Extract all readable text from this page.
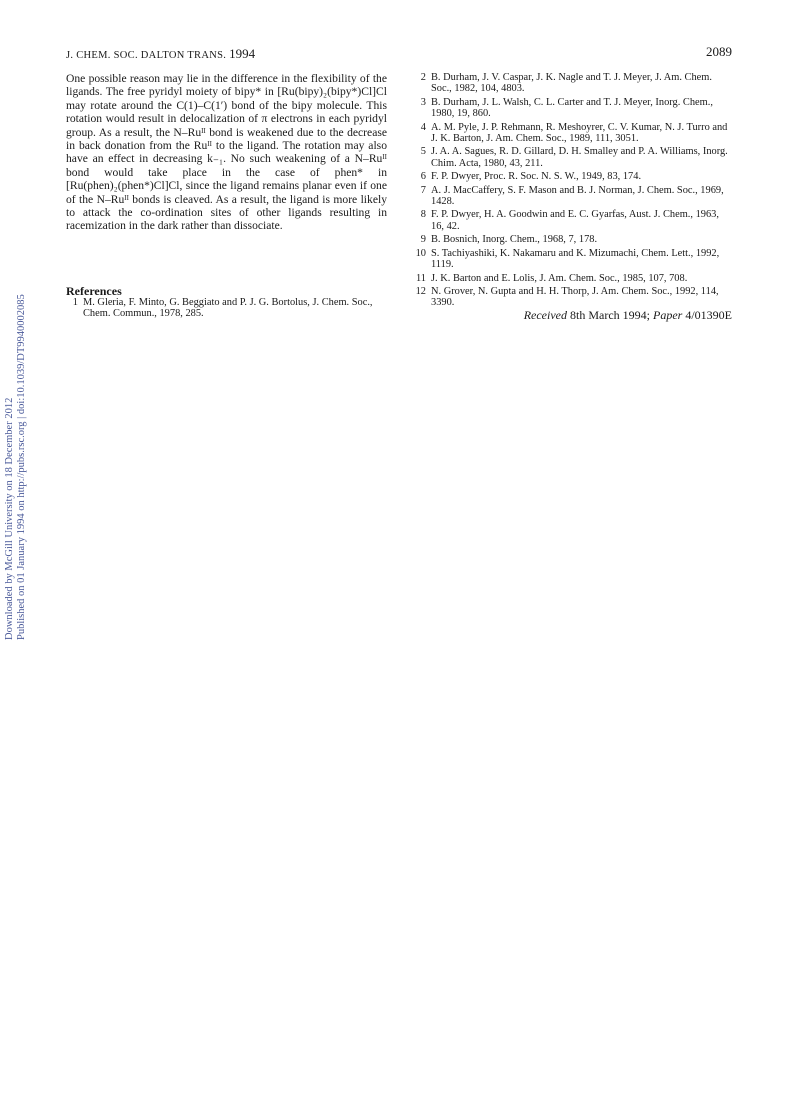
J. CHEM. SOC. DALTON TRANS. 1994	2089

One possible reason may lie in the difference in the flexibility of the ligands. The free pyridyl moiety of bipy* in [Ru(bipy)₂(bipy*)Cl]Cl may rotate around the C(1)–C(1′) bond of the bipy molecule. This rotation would result in delocalization of π electrons in each pyridyl group. As a result, the N–Ruᴵᴵ bond is weakened due to the decrease in back donation from the Ruᴵᴵ to the ligand. The rotation may also have an effect in decreasing k₋₁. No such weakening of a N–Ruᴵᴵ bond would take place in the case of phen* in [Ru(phen)₂(phen*)Cl]Cl, since the ligand remains planar even if one of the N–Ruᴵᴵ bonds is cleaved. As a result, the ligand is more likely to attack the co-ordination sites of other ligands resulting in racemization in the dark rather than dissociate.

References
1 M. Gleria, F. Minto, G. Beggiato and P. J. G. Bortolus, J. Chem. Soc., Chem. Commun., 1978, 285.
2 B. Durham, J. V. Caspar, J. K. Nagle and T. J. Meyer, J. Am. Chem. Soc., 1982, 104, 4803.
3 B. Durham, J. L. Walsh, C. L. Carter and T. J. Meyer, Inorg. Chem., 1980, 19, 860.
4 A. M. Pyle, J. P. Rehmann, R. Meshoyrer, C. V. Kumar, N. J. Turro and J. K. Barton, J. Am. Chem. Soc., 1989, 111, 3051.
5 J. A. A. Sagues, R. D. Gillard, D. H. Smalley and P. A. Williams, Inorg. Chim. Acta, 1980, 43, 211.
6 F. P. Dwyer, Proc. R. Soc. N. S. W., 1949, 83, 174.
7 A. J. MacCaffery, S. F. Mason and B. J. Norman, J. Chem. Soc., 1969, 1428.
8 F. P. Dwyer, H. A. Goodwin and E. C. Gyarfas, Aust. J. Chem., 1963, 16, 42.
9 B. Bosnich, Inorg. Chem., 1968, 7, 178.
10 S. Tachiyashiki, K. Nakamaru and K. Mizumachi, Chem. Lett., 1992, 1119.
11 J. K. Barton and E. Lolis, J. Am. Chem. Soc., 1985, 107, 708.
12 N. Grover, N. Gupta and H. H. Thorp, J. Am. Chem. Soc., 1992, 114, 3390.
Received 8th March 1994; Paper 4/01390E
Downloaded by McGill University on 18 December 2012 Published on 01 January 1994 on http://pubs.rsc.org | doi:10.1039/DT9940002085
